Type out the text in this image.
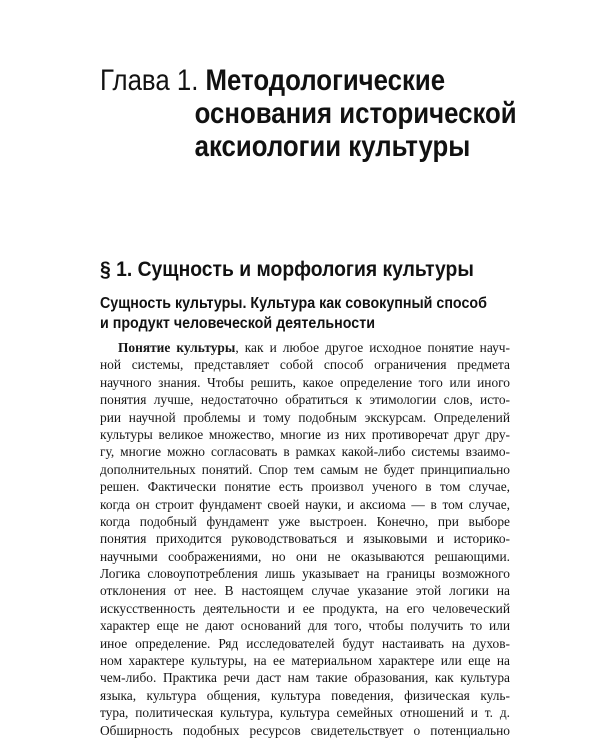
Глава 1. Методологические
основания исторической
аксиологии культуры
§ 1. Сущность и морфология культуры
Сущность культуры. Культура как совокупный способ
и продукт человеческой деятельности
Понятие культуры, как и любое другое исходное понятие науч-
ной системы, представляет собой способ ограничения предмета
научного знания. Чтобы решить, какое определение того или иного
понятия лучше, недостаточно обратиться к этимологии слов, исто-
рии научной проблемы и тому подобным экскурсам. Определений
культуры великое множество, многие из них противоречат друг дру-
гу, многие можно согласовать в рамках какой-либо системы взаимо-
дополнительных понятий. Спор тем самым не будет принципиально
решен. Фактически понятие есть произвол ученого в том случае,
когда он строит фундамент своей науки, и аксиома — в том случае,
когда подобный фундамент уже выстроен. Конечно, при выборе
понятия приходится руководствоваться и языковыми и историко-
научными соображениями, но они не оказываются решающими.
Логика словоупотребления лишь указывает на границы возможного
отклонения от нее. В настоящем случае указание этой логики на
искусственность деятельности и ее продукта, на его человеческий
характер еще не дают оснований для того, чтобы получить то или
иное определение. Ряд исследователей будут настаивать на духов-
ном характере культуры, на ее материальном характере или еще на
чем-либо. Практика речи даст нам такие образования, как культура
языка, культура общения, культура поведения, физическая куль-
тура, политическая культура, культура семейных отношений и т. д.
Обширность подобных ресурсов свидетельствует о потенциально
